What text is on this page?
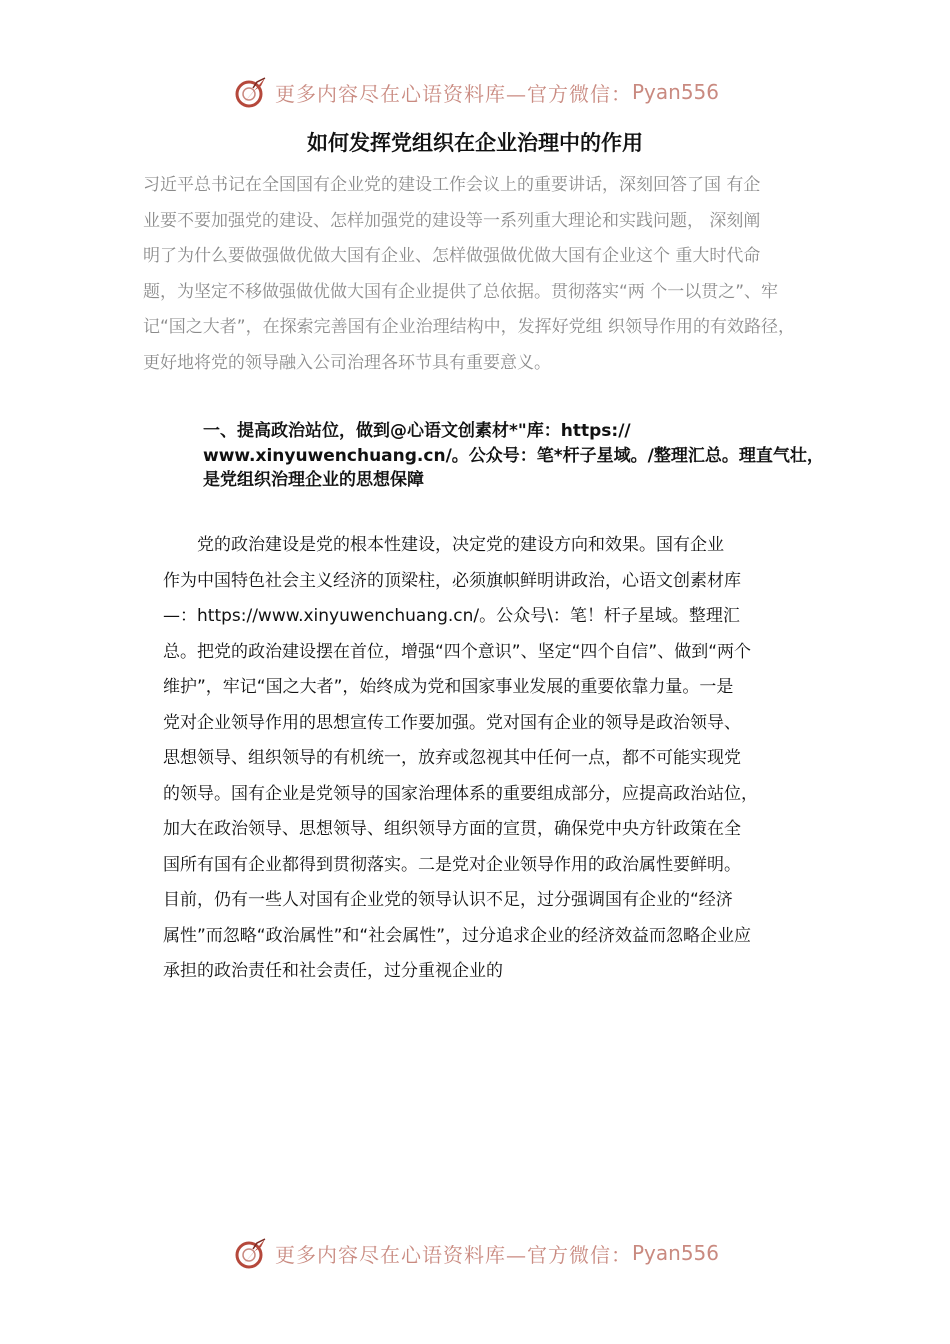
更多内容尽在心语资料库—官方微信： Pyan556
如何发挥党组织在企业治理中的作用
习近平总书记在全国国有企业党的建设工作会议上的重要讲话，深刻回答了国 有企
业要不要加强党的建设、怎样加强党的建设等一系列重大理论和实践问题， 深刻阐
明了为什么要做强做优做大国有企业、怎样做强做优做大国有企业这个 重大时代命
题，为坚定不移做强做优做大国有企业提供了总依据。贯彻落实“两 个一以贯之”、牢
记“国之大者”，在探索完善国有企业治理结构中，发挥好党组 织领导作用的有效路径，
更好地将党的领导融入公司治理各环节具有重要意义。
一、提高政治站位，做到@心语文创素材*"库：https://
www.xinyuwenchuang.cn/。公众号：笔*杆子星域。/整理汇总。理直气壮，
是党组织治理企业的思想保障
　　党的政治建设是党的根本性建设，决定党的建设方向和效果。国有企业
作为中国特色社会主义经济的顶梁柱，必须旗帜鲜明讲政治，心语文创素材库
—：https://www.xinyuwenchuang.cn/。公众号\：笔！杆子星域。整理汇
总。把党的政治建设摆在首位，增强“四个意识”、坚定“四个自信”、做到“两个
维护”，牢记“国之大者”，始终成为党和国家事业发展的重要依靠力量。一是
党对企业领导作用的思想宣传工作要加强。党对国有企业的领导是政治领导、
思想领导、组织领导的有机统一，放弃或忽视其中任何一点，都不可能实现党
的领导。国有企业是党领导的国家治理体系的重要组成部分，应提高政治站位，
加大在政治领导、思想领导、组织领导方面的宣贯，确保党中央方针政策在全
国所有国有企业都得到贯彻落实。二是党对企业领导作用的政治属性要鲜明。
目前，仍有一些人对国有企业党的领导认识不足，过分强调国有企业的“经济
属性”而忽略“政治属性”和“社会属性”，过分追求企业的经济效益而忽略企业应
承担的政治责任和社会责任，过分重视企业的
更多内容尽在心语资料库—官方微信： Pyan556
